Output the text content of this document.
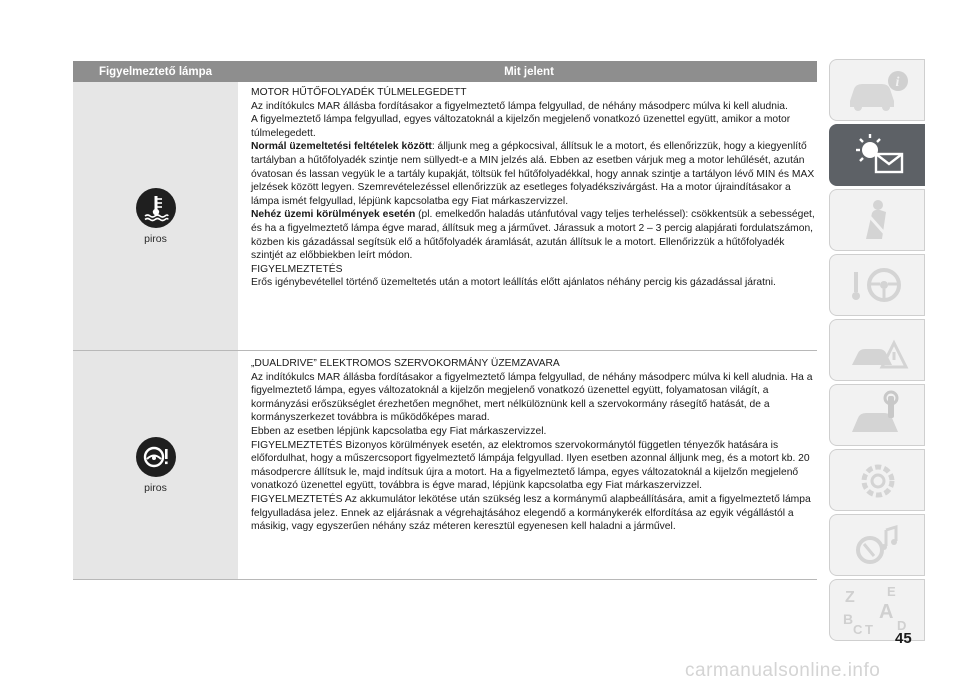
Figyelmeztető lámpa	Mit jelent
piros

MOTOR HŰTŐFOLYADÉK TÚLMELEGEDETT

Az indítókulcs MAR állásba fordításakor a figyelmeztető lámpa felgyullad, de néhány másodperc múlva ki kell aludnia.

A figyelmeztető lámpa felgyullad, egyes változatoknál a kijelzőn megjelenő vonatkozó üzenettel együtt, amikor a motor túlmelegedett.

Normál üzemeltetési feltételek között: álljunk meg a gépkocsival, állítsuk le a motort, és ellenőrizzük, hogy a kiegyenlítő tartályban a hűtőfolyadék szintje nem süllyedt-e a MIN jelzés alá. Ebben az esetben várjuk meg a motor lehűlését, azután óvatosan és lassan vegyük le a tartály kupakját, töltsük fel hűtőfolyadékkal, hogy annak szintje a tartályon lévő MIN és MAX jelzések között legyen. Szemrevételezéssel ellenőrizzük az esetleges folyadékszivárgást. Ha a motor újraindításakor a lámpa ismét felgyullad, lépjünk kapcsolatba egy Fiat márkaszervizzel.

Nehéz üzemi körülmények esetén (pl. emelkedőn haladás utánfutóval vagy teljes terheléssel): csökkentsük a sebességet, és ha a figyelmeztető lámpa égve marad, állítsuk meg a járművet. Járassuk a motort 2 – 3 percig alapjárati fordulatszámon, közben kis gázadással segítsük elő a hűtőfolyadék áramlását, azután állítsuk le a motort. Ellenőrizzük a hűtőfolyadék szintjét az előbbiekben leírt módon.

FIGYELMEZTETÉS

Erős igénybevétellel történő üzemeltetés után a motort leállítás előtt ajánlatos néhány percig kis gázadással járatni.

piros

„DUALDRIVE” ELEKTROMOS SZERVOKORMÁNY ÜZEMZAVARA

Az indítókulcs MAR állásba fordításakor a figyelmeztető lámpa felgyullad, de néhány másodperc múlva ki kell aludnia. Ha a figyelmeztető lámpa, egyes változatoknál a kijelzőn megjelenő vonatkozó üzenettel együtt, folyamatosan világít, a kormányzási erőszükséglet érezhetően megnőhet, mert nélkülöznünk kell a szervokormány rásegítő hatását, de a kormányszerkezet továbbra is működőképes marad.

Ebben az esetben lépjünk kapcsolatba egy Fiat márkaszervizzel.

FIGYELMEZTETÉS Bizonyos körülmények esetén, az elektromos szervokormánytól független tényezők hatására is előfordulhat, hogy a műszercsoport figyelmeztető lámpája felgyullad. Ilyen esetben azonnal álljunk meg, és a motort kb. 20 másodpercre állítsuk le, majd indítsuk újra a motort. Ha a figyelmeztető lámpa, egyes változatoknál a kijelzőn megjelenő vonatkozó üzenettel együtt, továbbra is égve marad, lépjünk kapcsolatba egy Fiat márkaszervizzel.

FIGYELMEZTETÉS Az akkumulátor lekötése után szükség lesz a kormánymű alapbeállítására, amit a figyelmeztető lámpa felgyulladása jelez. Ennek az eljárásnak a végrehajtásához elegendő a kormánykerék elfordítása az egyik végállástól a másikig, vagy egyszerűen néhány száz méteren keresztül egyenesen kell haladni a járművel.

i
Z E
B A
C T D
45
carmanualsonline.info
